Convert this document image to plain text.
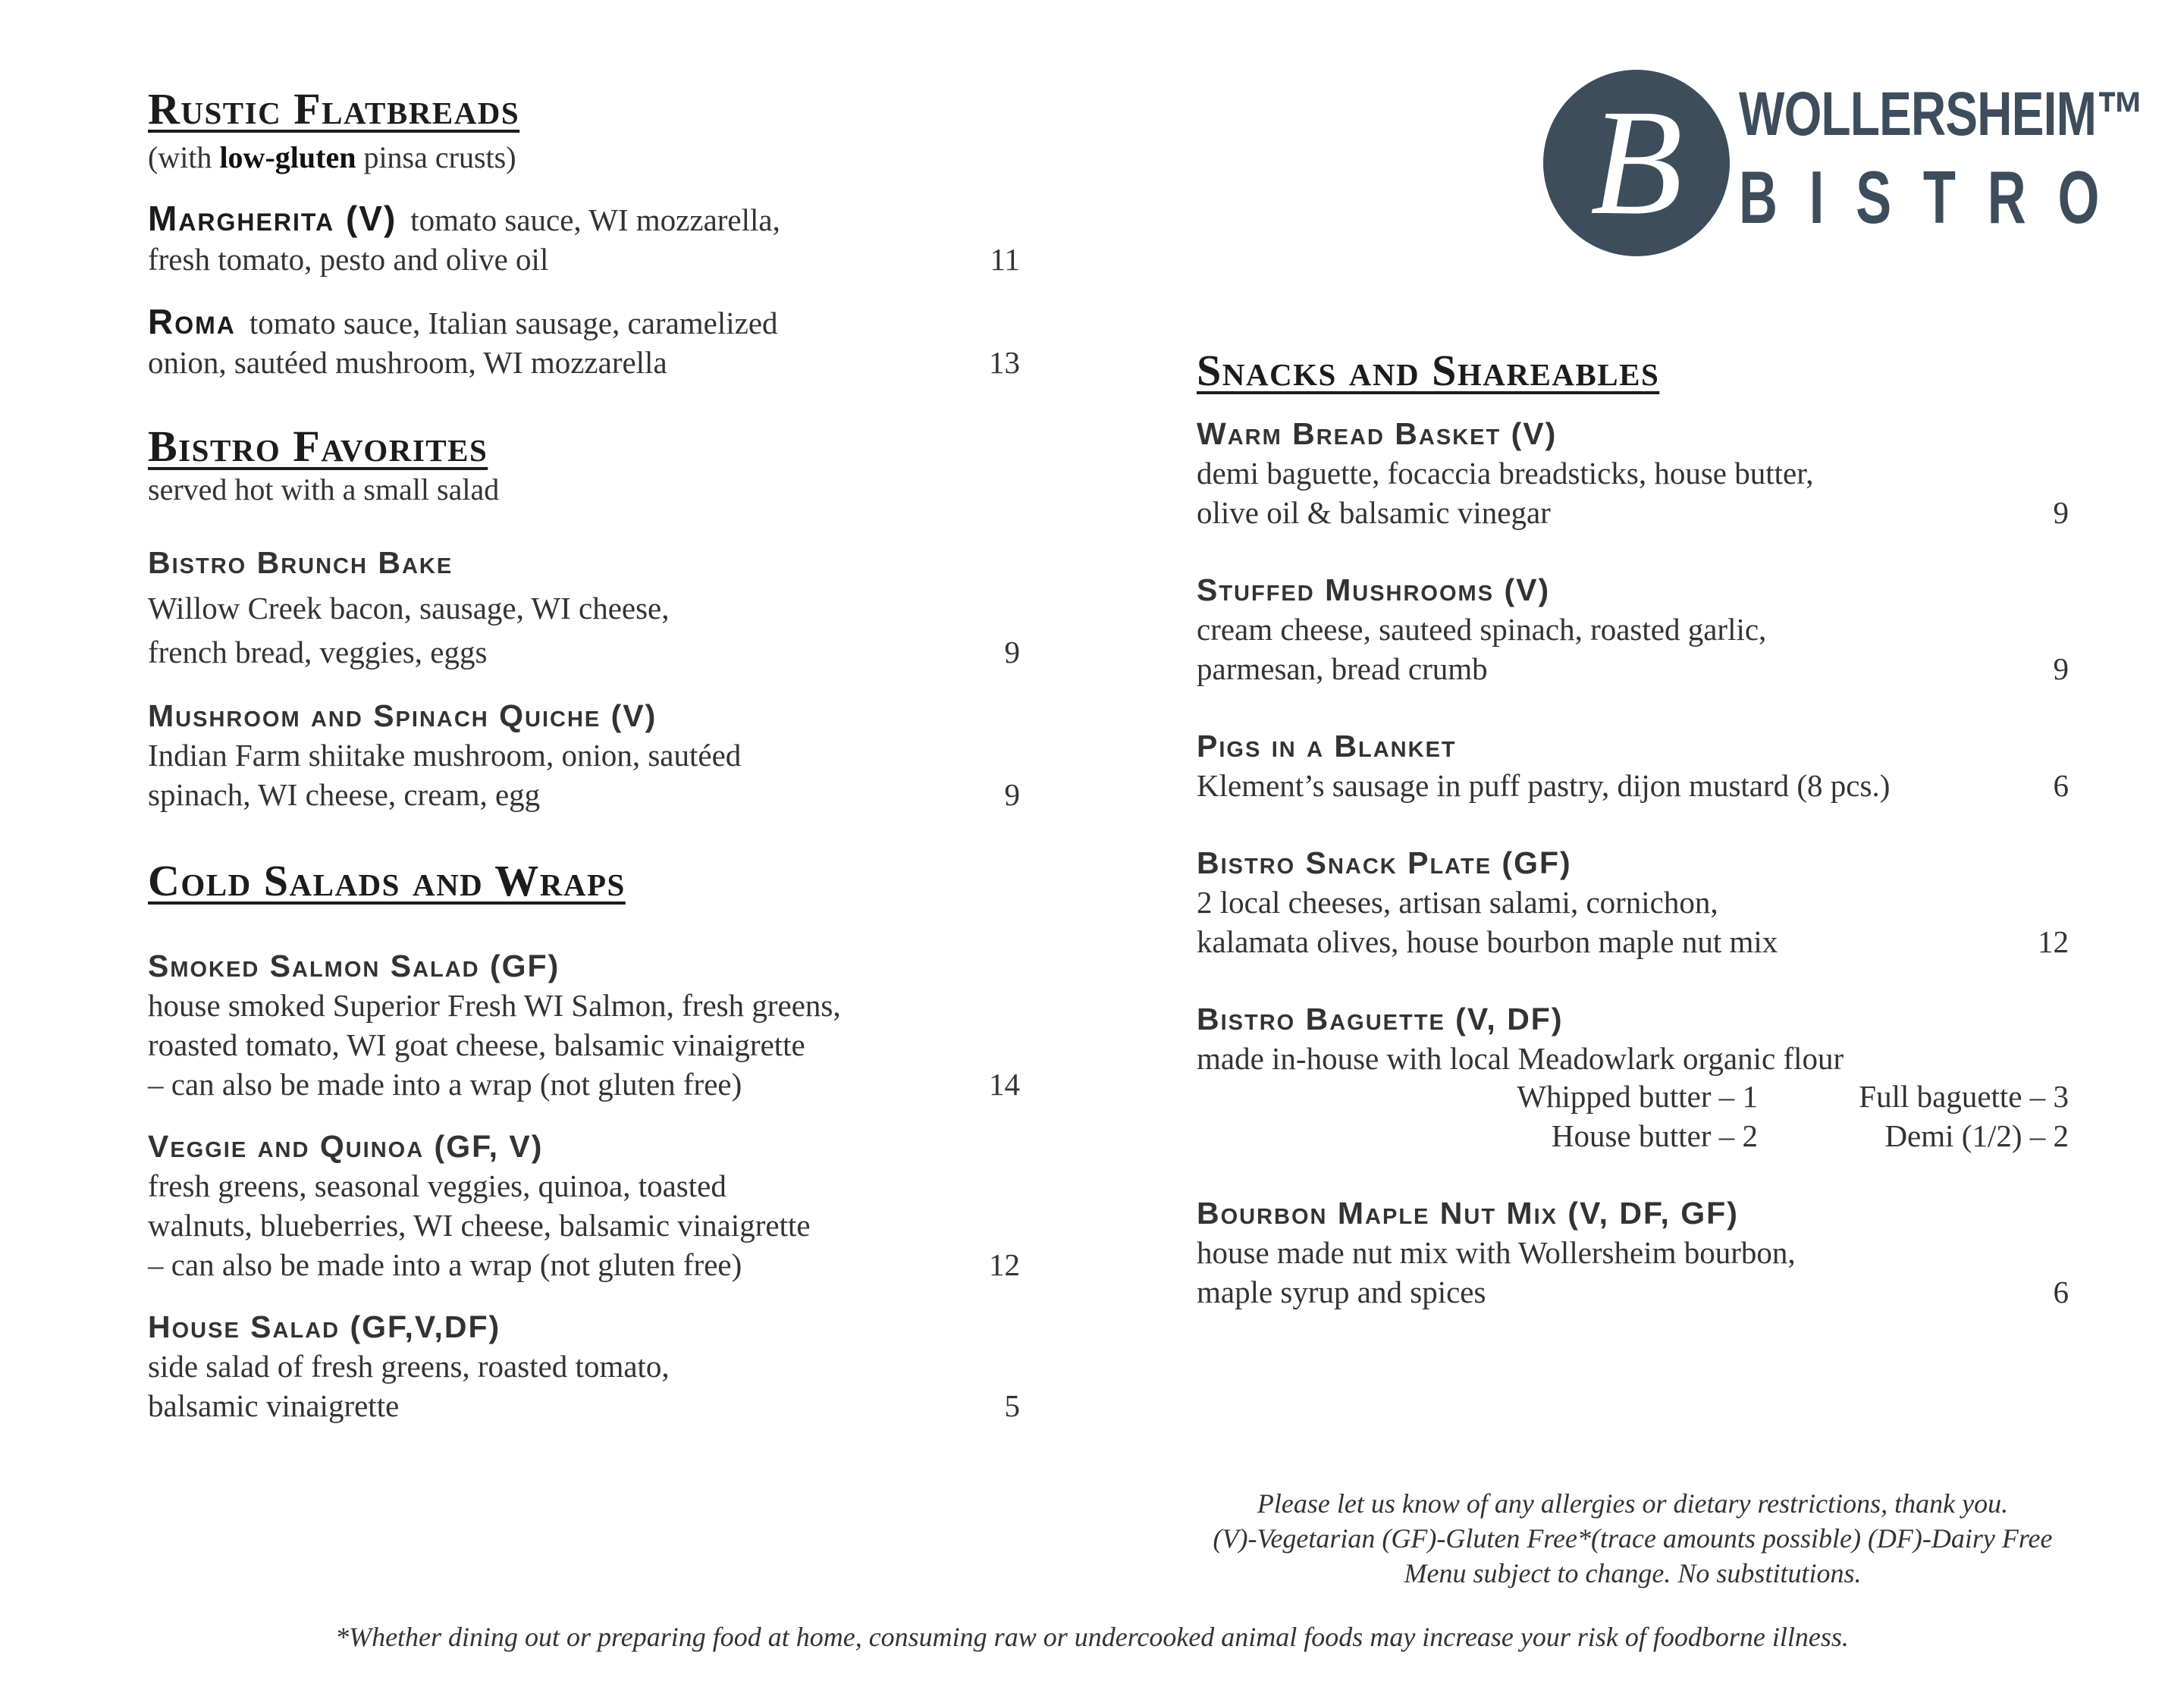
B WOLLERSHEIM™
BISTRO
Rustic Flatbreads
(with low-gluten pinsa crusts)
Margherita (V) tomato sauce, WI mozzarella,
fresh tomato, pesto and olive oil	11
Roma tomato sauce, Italian sausage, caramelized
onion, sautéed mushroom, WI mozzarella	13
Bistro Favorites
served hot with a small salad
Bistro Brunch Bake
Willow Creek bacon, sausage, WI cheese,
french bread, veggies, eggs	9
Mushroom and Spinach Quiche (V)
Indian Farm shiitake mushroom, onion, sautéed
spinach, WI cheese, cream, egg	9
Cold Salads and Wraps
Smoked Salmon Salad (GF)
house smoked Superior Fresh WI Salmon, fresh greens,
roasted tomato, WI goat cheese, balsamic vinaigrette
– can also be made into a wrap (not gluten free)	14
Veggie and Quinoa (GF, V)
fresh greens, seasonal veggies, quinoa, toasted
walnuts, blueberries, WI cheese, balsamic vinaigrette
– can also be made into a wrap (not gluten free)	12
House Salad (GF,V,DF)
side salad of fresh greens, roasted tomato,
balsamic vinaigrette	5
Snacks and Shareables
Warm Bread Basket (V)
demi baguette, focaccia breadsticks, house butter,
olive oil & balsamic vinegar	9
Stuffed Mushrooms (V)
cream cheese, sauteed spinach, roasted garlic,
parmesan, bread crumb	9
Pigs in a Blanket
Klement’s sausage in puff pastry, dijon mustard (8 pcs.)	6
Bistro Snack Plate (GF)
2 local cheeses, artisan salami, cornichon,
kalamata olives, house bourbon maple nut mix	12
Bistro Baguette (V, DF)
made in-house with local Meadowlark organic flour
Whipped butter – 1	Full baguette – 3
House butter – 2	Demi (1/2) – 2
Bourbon Maple Nut Mix (V, DF, GF)
house made nut mix with Wollersheim bourbon,
maple syrup and spices	6
Please let us know of any allergies or dietary restrictions, thank you.
(V)-Vegetarian (GF)-Gluten Free*(trace amounts possible) (DF)-Dairy Free
Menu subject to change. No substitutions.
*Whether dining out or preparing food at home, consuming raw or undercooked animal foods may increase your risk of foodborne illness.
